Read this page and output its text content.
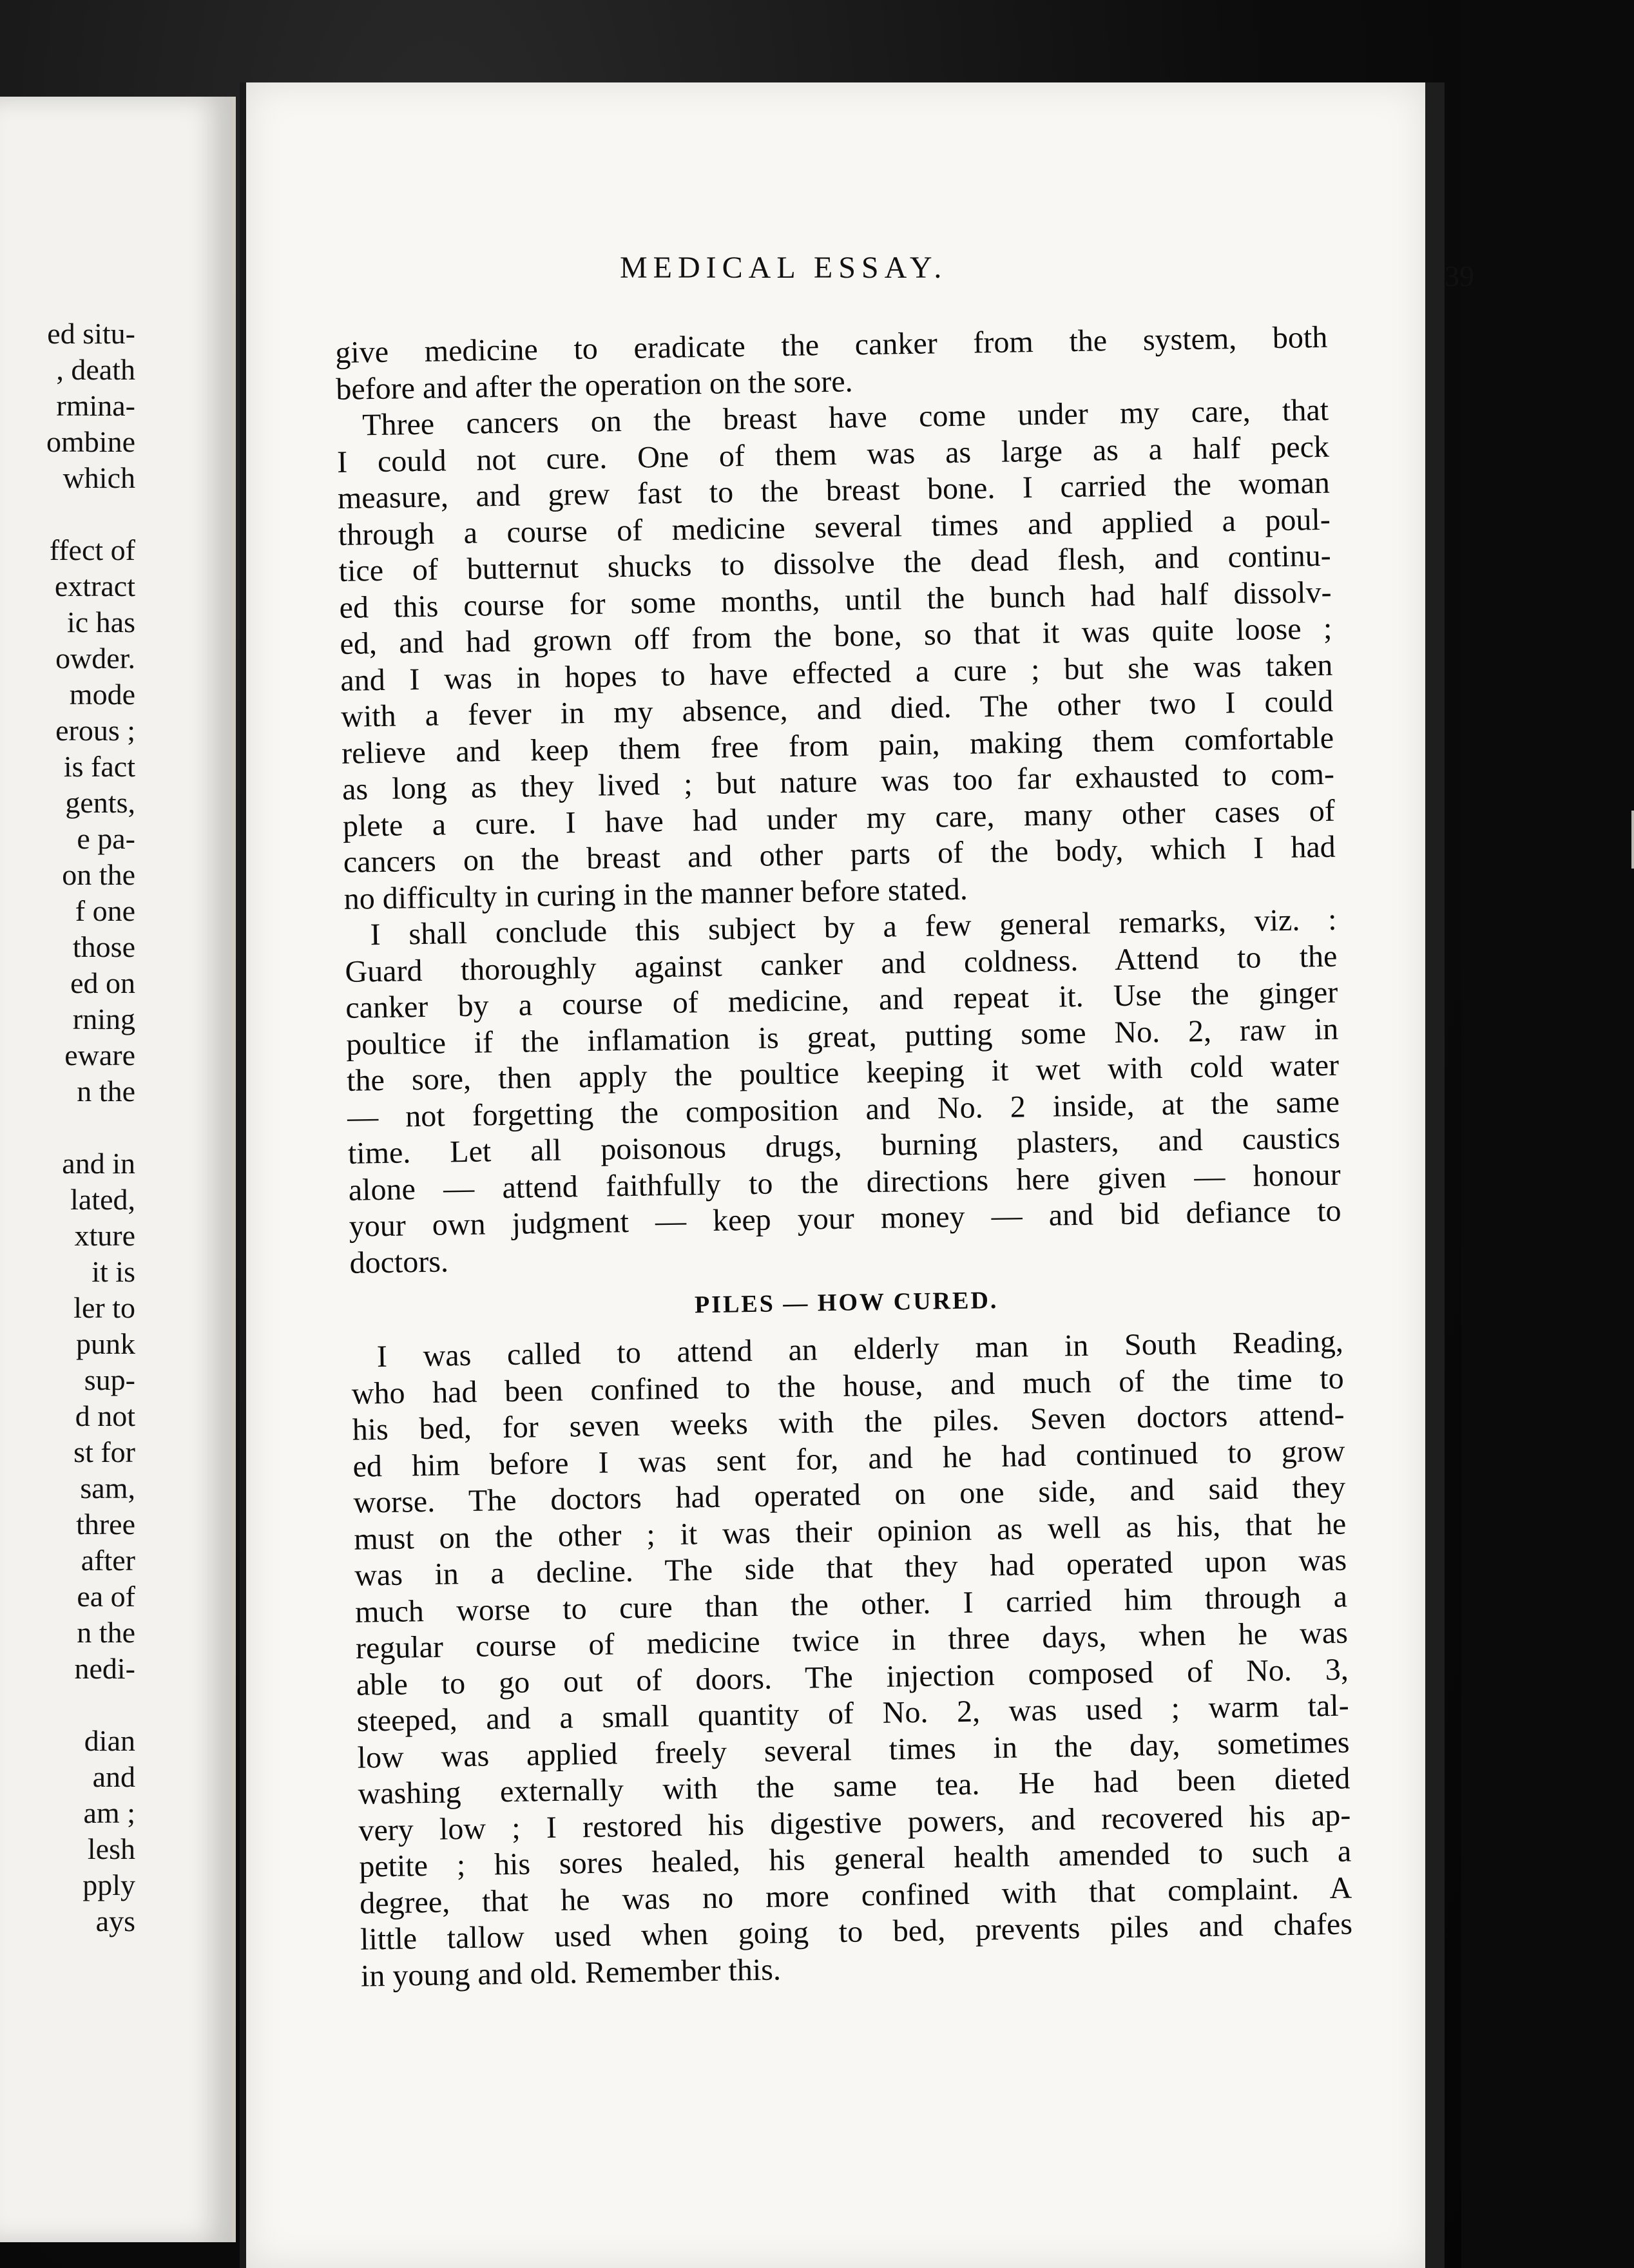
ed situ-
, death
rmina-
ombine
which
ffect of
extract
ic has
owder.
mode
erous ;
is fact
gents,
e pa-
on the
f one
those
ed on
rning
eware
n the
and in
lated,
xture
it is
ler to
punk
sup-
d not
st for
sam,
three
after
ea of
n the
nedi-
dian
and
am ;
lesh
pply
ays
MEDICAL ESSAY.	39
give medicine to eradicate the canker from the system, both
before and after the operation on the sore.
Three cancers on the breast have come under my care, that
I could not cure. One of them was as large as a half peck
measure, and grew fast to the breast bone. I carried the woman
through a course of medicine several times and applied a poul-
tice of butternut shucks to dissolve the dead flesh, and continu-
ed this course for some months, until the bunch had half dissolv-
ed, and had grown off from the bone, so that it was quite loose ;
and I was in hopes to have effected a cure ; but she was taken
with a fever in my absence, and died. The other two I could
relieve and keep them free from pain, making them comfortable
as long as they lived ; but nature was too far exhausted to com-
plete a cure. I have had under my care, many other cases of
cancers on the breast and other parts of the body, which I had
no difficulty in curing in the manner before stated.
I shall conclude this subject by a few general remarks, viz. :
Guard thoroughly against canker and coldness. Attend to the
canker by a course of medicine, and repeat it. Use the ginger
poultice if the inflamation is great, putting some No. 2, raw in
the sore, then apply the poultice keeping it wet with cold water
— not forgetting the composition and No. 2 inside, at the same
time. Let all poisonous drugs, burning plasters, and caustics
alone — attend faithfully to the directions here given — honour
your own judgment — keep your money — and bid defiance to
doctors.
PILES — HOW CURED.
I was called to attend an elderly man in South Reading,
who had been confined to the house, and much of the time to
his bed, for seven weeks with the piles. Seven doctors attend-
ed him before I was sent for, and he had continued to grow
worse. The doctors had operated on one side, and said they
must on the other ; it was their opinion as well as his, that he
was in a decline. The side that they had operated upon was
much worse to cure than the other. I carried him through a
regular course of medicine twice in three days, when he was
able to go out of doors. The injection composed of No. 3,
steeped, and a small quantity of No. 2, was used ; warm tal-
low was applied freely several times in the day, sometimes
washing externally with the same tea. He had been dieted
very low ; I restored his digestive powers, and recovered his ap-
petite ; his sores healed, his general health amended to such a
degree, that he was no more confined with that complaint. A
little tallow used when going to bed, prevents piles and chafes
in young and old. Remember this.
